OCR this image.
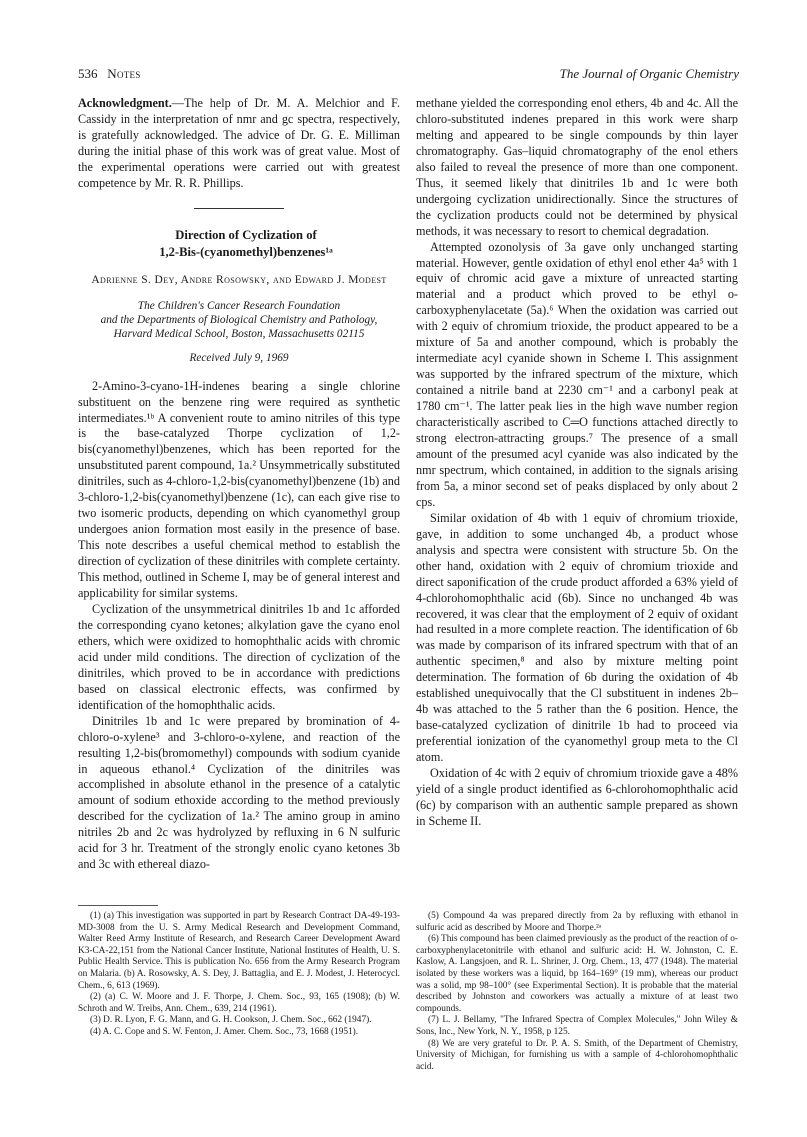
536 Notes	The Journal of Organic Chemistry

Acknowledgment.—The help of Dr. M. A. Melchior and F. Cassidy in the interpretation of nmr and gc spectra, respectively, is gratefully acknowledged. The advice of Dr. G. E. Milliman during the initial phase of this work was of great value. Most of the experimental operations were carried out with greatest competence by Mr. R. R. Phillips.

Direction of Cyclization of

1,2-Bis-(cyanomethyl)benzenes¹ᵃ

Adrienne S. Dey, Andre Rosowsky, and Edward J. Modest
The Children's Cancer Research Foundation
and the Departments of Biological Chemistry and Pathology,
Harvard Medical School, Boston, Massachusetts 02115
Received July 9, 1969

2-Amino-3-cyano-1H-indenes bearing a single chlorine substituent on the benzene ring were required as synthetic intermediates.¹ᵇ A convenient route to amino nitriles of this type is the base-catalyzed Thorpe cyclization of 1,2-bis(cyanomethyl)benzenes, which has been reported for the unsubstituted parent compound, 1a.² Unsymmetrically substituted dinitriles, such as 4-chloro-1,2-bis(cyanomethyl)benzene (1b) and 3-chloro-1,2-bis(cyanomethyl)benzene (1c), can each give rise to two isomeric products, depending on which cyanomethyl group undergoes anion formation most easily in the presence of base. This note describes a useful chemical method to establish the direction of cyclization of these dinitriles with complete certainty. This method, outlined in Scheme I, may be of general interest and applicability for similar systems.

Cyclization of the unsymmetrical dinitriles 1b and 1c afforded the corresponding cyano ketones; alkylation gave the cyano enol ethers, which were oxidized to homophthalic acids with chromic acid under mild conditions. The direction of cyclization of the dinitriles, which proved to be in accordance with predictions based on classical electronic effects, was confirmed by identification of the homophthalic acids.

Dinitriles 1b and 1c were prepared by bromination of 4-chloro-o-xylene³ and 3-chloro-o-xylene, and reaction of the resulting 1,2-bis(bromomethyl) compounds with sodium cyanide in aqueous ethanol.⁴ Cyclization of the dinitriles was accomplished in absolute ethanol in the presence of a catalytic amount of sodium ethoxide according to the method previously described for the cyclization of 1a.² The amino group in amino nitriles 2b and 2c was hydrolyzed by refluxing in 6 N sulfuric acid for 3 hr. Treatment of the strongly enolic cyano ketones 3b and 3c with ethereal diazo-

methane yielded the corresponding enol ethers, 4b and 4c. All the chloro-substituted indenes prepared in this work were sharp melting and appeared to be single compounds by thin layer chromatography. Gas–liquid chromatography of the enol ethers also failed to reveal the presence of more than one component. Thus, it seemed likely that dinitriles 1b and 1c were both undergoing cyclization unidirectionally. Since the structures of the cyclization products could not be determined by physical methods, it was necessary to resort to chemical degradation.

Attempted ozonolysis of 3a gave only unchanged starting material. However, gentle oxidation of ethyl enol ether 4a⁵ with 1 equiv of chromic acid gave a mixture of unreacted starting material and a product which proved to be ethyl o-carboxyphenylacetate (5a).⁶ When the oxidation was carried out with 2 equiv of chromium trioxide, the product appeared to be a mixture of 5a and another compound, which is probably the intermediate acyl cyanide shown in Scheme I. This assignment was supported by the infrared spectrum of the mixture, which contained a nitrile band at 2230 cm⁻¹ and a carbonyl peak at 1780 cm⁻¹. The latter peak lies in the high wave number region characteristically ascribed to C═O functions attached directly to strong electron-attracting groups.⁷ The presence of a small amount of the presumed acyl cyanide was also indicated by the nmr spectrum, which contained, in addition to the signals arising from 5a, a minor second set of peaks displaced by only about 2 cps.

Similar oxidation of 4b with 1 equiv of chromium trioxide, gave, in addition to some unchanged 4b, a product whose analysis and spectra were consistent with structure 5b. On the other hand, oxidation with 2 equiv of chromium trioxide and direct saponification of the crude product afforded a 63% yield of 4-chlorohomophthalic acid (6b). Since no unchanged 4b was recovered, it was clear that the employment of 2 equiv of oxidant had resulted in a more complete reaction. The identification of 6b was made by comparison of its infrared spectrum with that of an authentic specimen,⁸ and also by mixture melting point determination. The formation of 6b during the oxidation of 4b established unequivocally that the Cl substituent in indenes 2b–4b was attached to the 5 rather than the 6 position. Hence, the base-catalyzed cyclization of dinitrile 1b had to proceed via preferential ionization of the cyanomethyl group meta to the Cl atom.

Oxidation of 4c with 2 equiv of chromium trioxide gave a 48% yield of a single product identified as 6-chlorohomophthalic acid (6c) by comparison with an authentic sample prepared as shown in Scheme II.

(1) (a) This investigation was supported in part by Research Contract DA-49-193-MD-3008 from the U. S. Army Medical Research and Development Command, Walter Reed Army Institute of Research, and Research Career Development Award K3-CA-22,151 from the National Cancer Institute, National Institutes of Health, U. S. Public Health Service. This is publication No. 656 from the Army Research Program on Malaria. (b) A. Rosowsky, A. S. Dey, J. Battaglia, and E. J. Modest, J. Heterocycl. Chem., 6, 613 (1969).

(2) (a) C. W. Moore and J. F. Thorpe, J. Chem. Soc., 93, 165 (1908); (b) W. Schroth and W. Treibs, Ann. Chem., 639, 214 (1961).

(3) D. R. Lyon, F. G. Mann, and G. H. Cookson, J. Chem. Soc., 662 (1947).

(4) A. C. Cope and S. W. Fenton, J. Amer. Chem. Soc., 73, 1668 (1951).

(5) Compound 4a was prepared directly from 2a by refluxing with ethanol in sulfuric acid as described by Moore and Thorpe.²ᵃ

(6) This compound has been claimed previously as the product of the reaction of o-carboxyphenylacetonitrile with ethanol and sulfuric acid: H. W. Johnston, C. E. Kaslow, A. Langsjoen, and R. L. Shriner, J. Org. Chem., 13, 477 (1948). The material isolated by these workers was a liquid, bp 164–169° (19 mm), whereas our product was a solid, mp 98–100° (see Experimental Section). It is probable that the material described by Johnston and coworkers was actually a mixture of at least two compounds.

(7) L. J. Bellamy, "The Infrared Spectra of Complex Molecules," John Wiley & Sons, Inc., New York, N. Y., 1958, p 125.

(8) We are very grateful to Dr. P. A. S. Smith, of the Department of Chemistry, University of Michigan, for furnishing us with a sample of 4-chlorohomophthalic acid.
